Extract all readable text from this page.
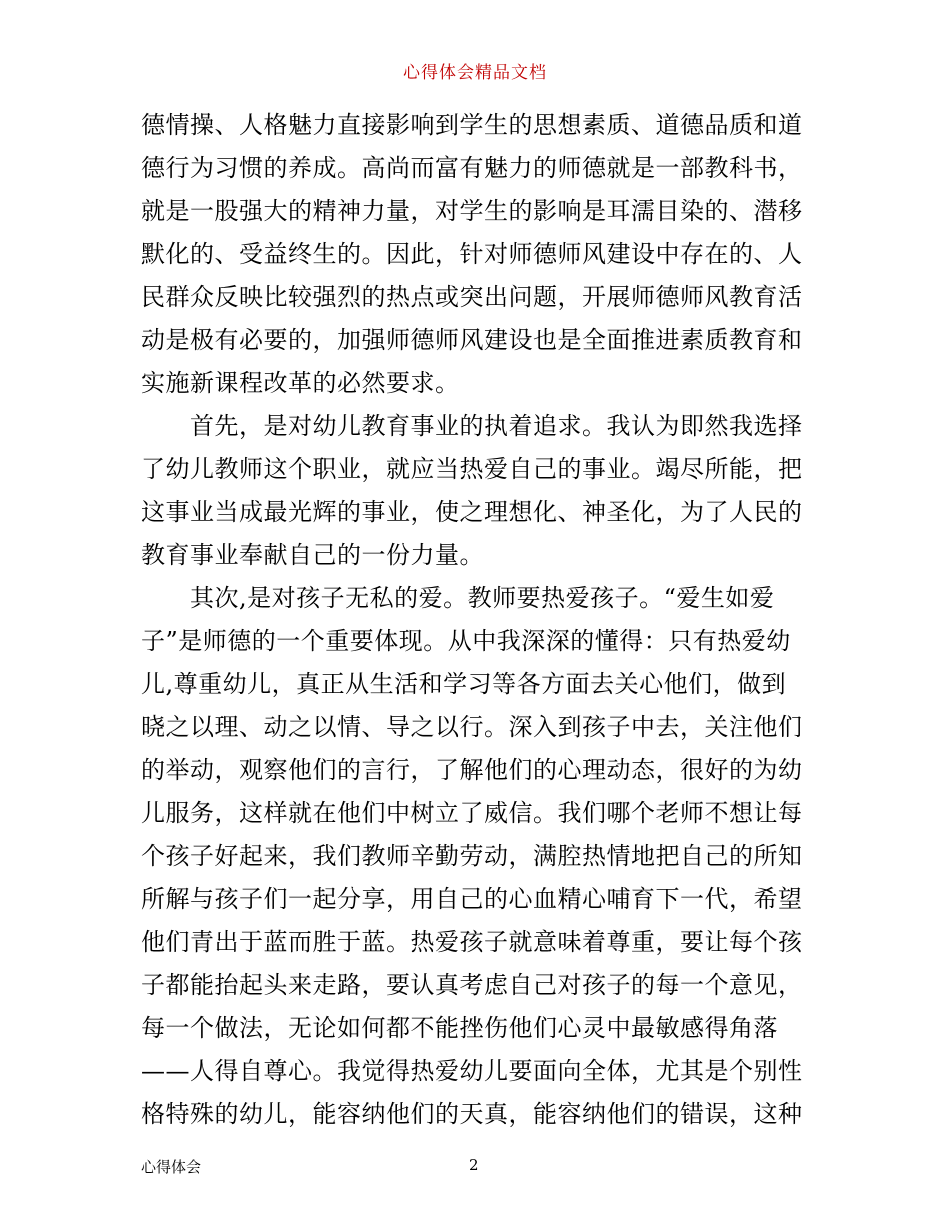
心得体会精品文档
德情操、人格魅力直接影响到学生的思想素质、道德品质和道
德行为习惯的养成。高尚而富有魅力的师德就是一部教科书，
就是一股强大的精神力量，对学生的影响是耳濡目染的、潜移
默化的、受益终生的。因此，针对师德师风建设中存在的、人
民群众反映比较强烈的热点或突出问题，开展师德师风教育活
动是极有必要的，加强师德师风建设也是全面推进素质教育和
实施新课程改革的必然要求。
　　首先，是对幼儿教育事业的执着追求。我认为即然我选择
了幼儿教师这个职业，就应当热爱自己的事业。竭尽所能，把
这事业当成最光辉的事业，使之理想化、神圣化，为了人民的
教育事业奉献自己的一份力量。
　　其次,是对孩子无私的爱。教师要热爱孩子。“爱生如爱
子”是师德的一个重要体现。从中我深深的懂得：只有热爱幼
儿,尊重幼儿，真正从生活和学习等各方面去关心他们，做到
晓之以理、动之以情、导之以行。深入到孩子中去，关注他们
的举动，观察他们的言行，了解他们的心理动态，很好的为幼
儿服务，这样就在他们中树立了威信。我们哪个老师不想让每
个孩子好起来，我们教师辛勤劳动，满腔热情地把自己的所知
所解与孩子们一起分享，用自己的心血精心哺育下一代，希望
他们青出于蓝而胜于蓝。热爱孩子就意味着尊重，要让每个孩
子都能抬起头来走路，要认真考虑自己对孩子的每一个意见，
每一个做法，无论如何都不能挫伤他们心灵中最敏感得角落
——人得自尊心。我觉得热爱幼儿要面向全体，尤其是个别性
格特殊的幼儿，能容纳他们的天真，能容纳他们的错误，这种
心得体会	2
